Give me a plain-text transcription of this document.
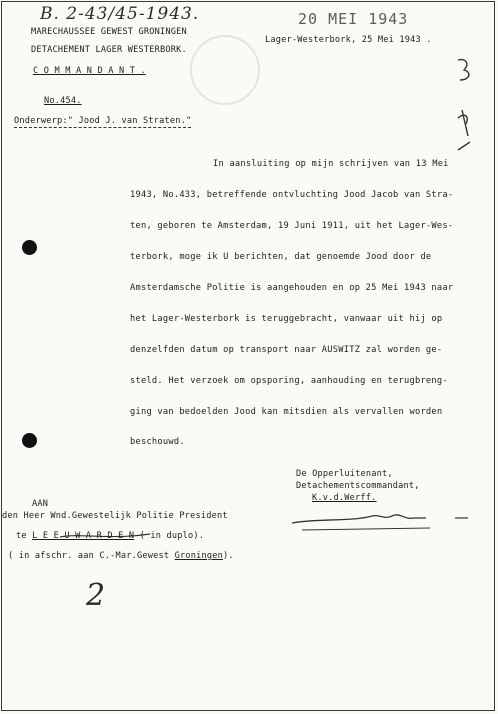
B. 2-43/45-1943.	20 MEI 1943
MARECHAUSSEE GEWEST GRONINGEN
DETACHEMENT LAGER WESTERBORK.
C O M M A N D A N T .
Lager-Westerbork, 25 Mei 1943 .
No.454.
Onderwerp:" Jood J. van Straten."
In aansluiting op mijn schrijven van 13 Mei
1943, No.433, betreffende ontvluchting Jood Jacob van Stra-
ten, geboren te Amsterdam, 19 Juni 1911, uit het Lager-Wes-
terbork, moge ik U berichten, dat genoemde Jood door de
Amsterdamsche Politie is aangehouden en op 25 Mei 1943 naar
het Lager-Westerbork is teruggebracht, vanwaar uit hij op
denzelfden datum op transport naar AUSWITZ zal worden ge-
steld. Het verzoek om opsporing, aanhouding en terugbreng-
ging van bedoelden Jood kan mitsdien als vervallen worden
beschouwd.
De Opperluitenant,
Detachementscommandant,
K.v.d.Werff.
AAN
den Heer Wnd.Gewestelijk Politie President
te L E E U W A R D E N ( in duplo).
( in afschr. aan C.-Mar.Gewest Groningen).
2
